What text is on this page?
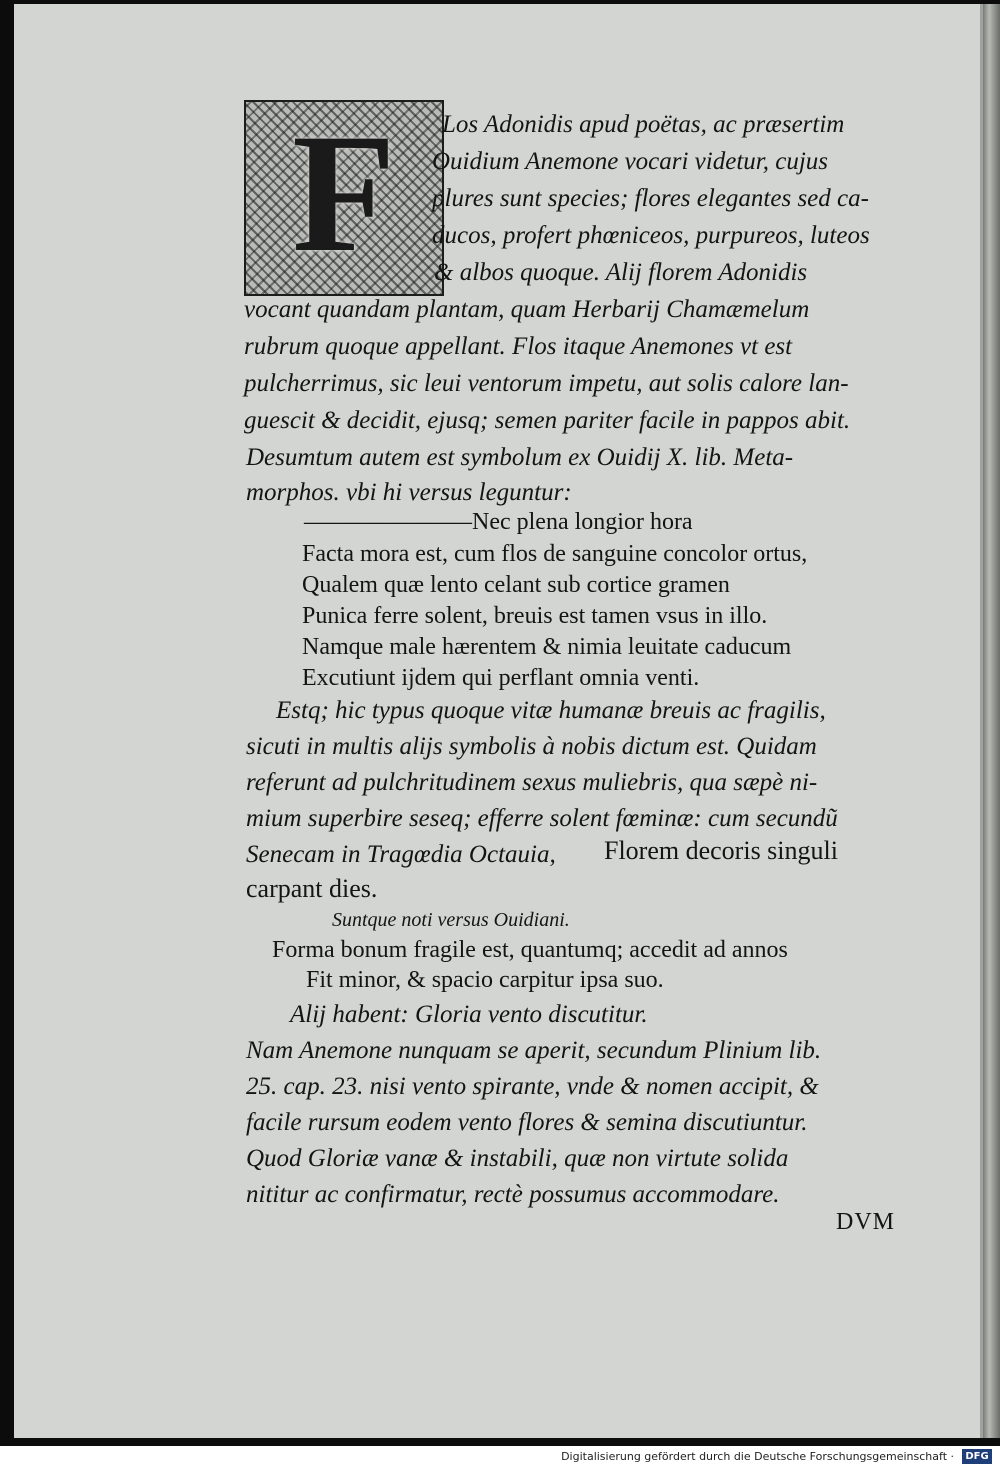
F	Los Adonidis apud poëtas, ac præsertim
Ouidium Anemone vocari videtur, cujus
plures sunt species; flores elegantes sed ca-
ducos, profert phœniceos, purpureos, luteos
& albos quoque. Alij florem Adonidis
vocant quandam plantam, quam Herbarij Chamæmelum
rubrum quoque appellant. Flos itaque Anemones vt est
pulcherrimus, sic leui ventorum impetu, aut solis calore lan-
guescit & decidit, ejusq; semen pariter facile in pappos abit.
Desumtum autem est symbolum ex Ouidij X. lib. Meta-
morphos. vbi hi versus leguntur:
———————Nec plena longior hora
Facta mora est, cum flos de sanguine concolor ortus,
Qualem quæ lento celant sub cortice gramen
Punica ferre solent, breuis est tamen vsus in illo.
Namque male hærentem & nimia leuitate caducum
Excutiunt ijdem qui perflant omnia venti.
Estq; hic typus quoque vitæ humanæ breuis ac fragilis,
sicuti in multis alijs symbolis à nobis dictum est. Quidam
referunt ad pulchritudinem sexus muliebris, qua sæpè ni-
mium superbire seseq; efferre solent fœminæ: cum secundũ
Senecam in Tragœdia Octauia, Florem decoris singuli
carpant dies.
Suntque noti versus Ouidiani.
Forma bonum fragile est, quantumq; accedit ad annos
Fit minor, & spacio carpitur ipsa suo.
Alij habent: Gloria vento discutitur.
Nam Anemone nunquam se aperit, secundum Plinium lib.
25. cap. 23. nisi vento spirante, vnde & nomen accipit, &
facile rursum eodem vento flores & semina discutiuntur.
Quod Gloriæ vanæ & instabili, quæ non virtute solida
nititur ac confirmatur, rectè possumus accommodare.
DVM
Digitalisierung gefördert durch die Deutsche Forschungsgemeinschaft ·	DFG
